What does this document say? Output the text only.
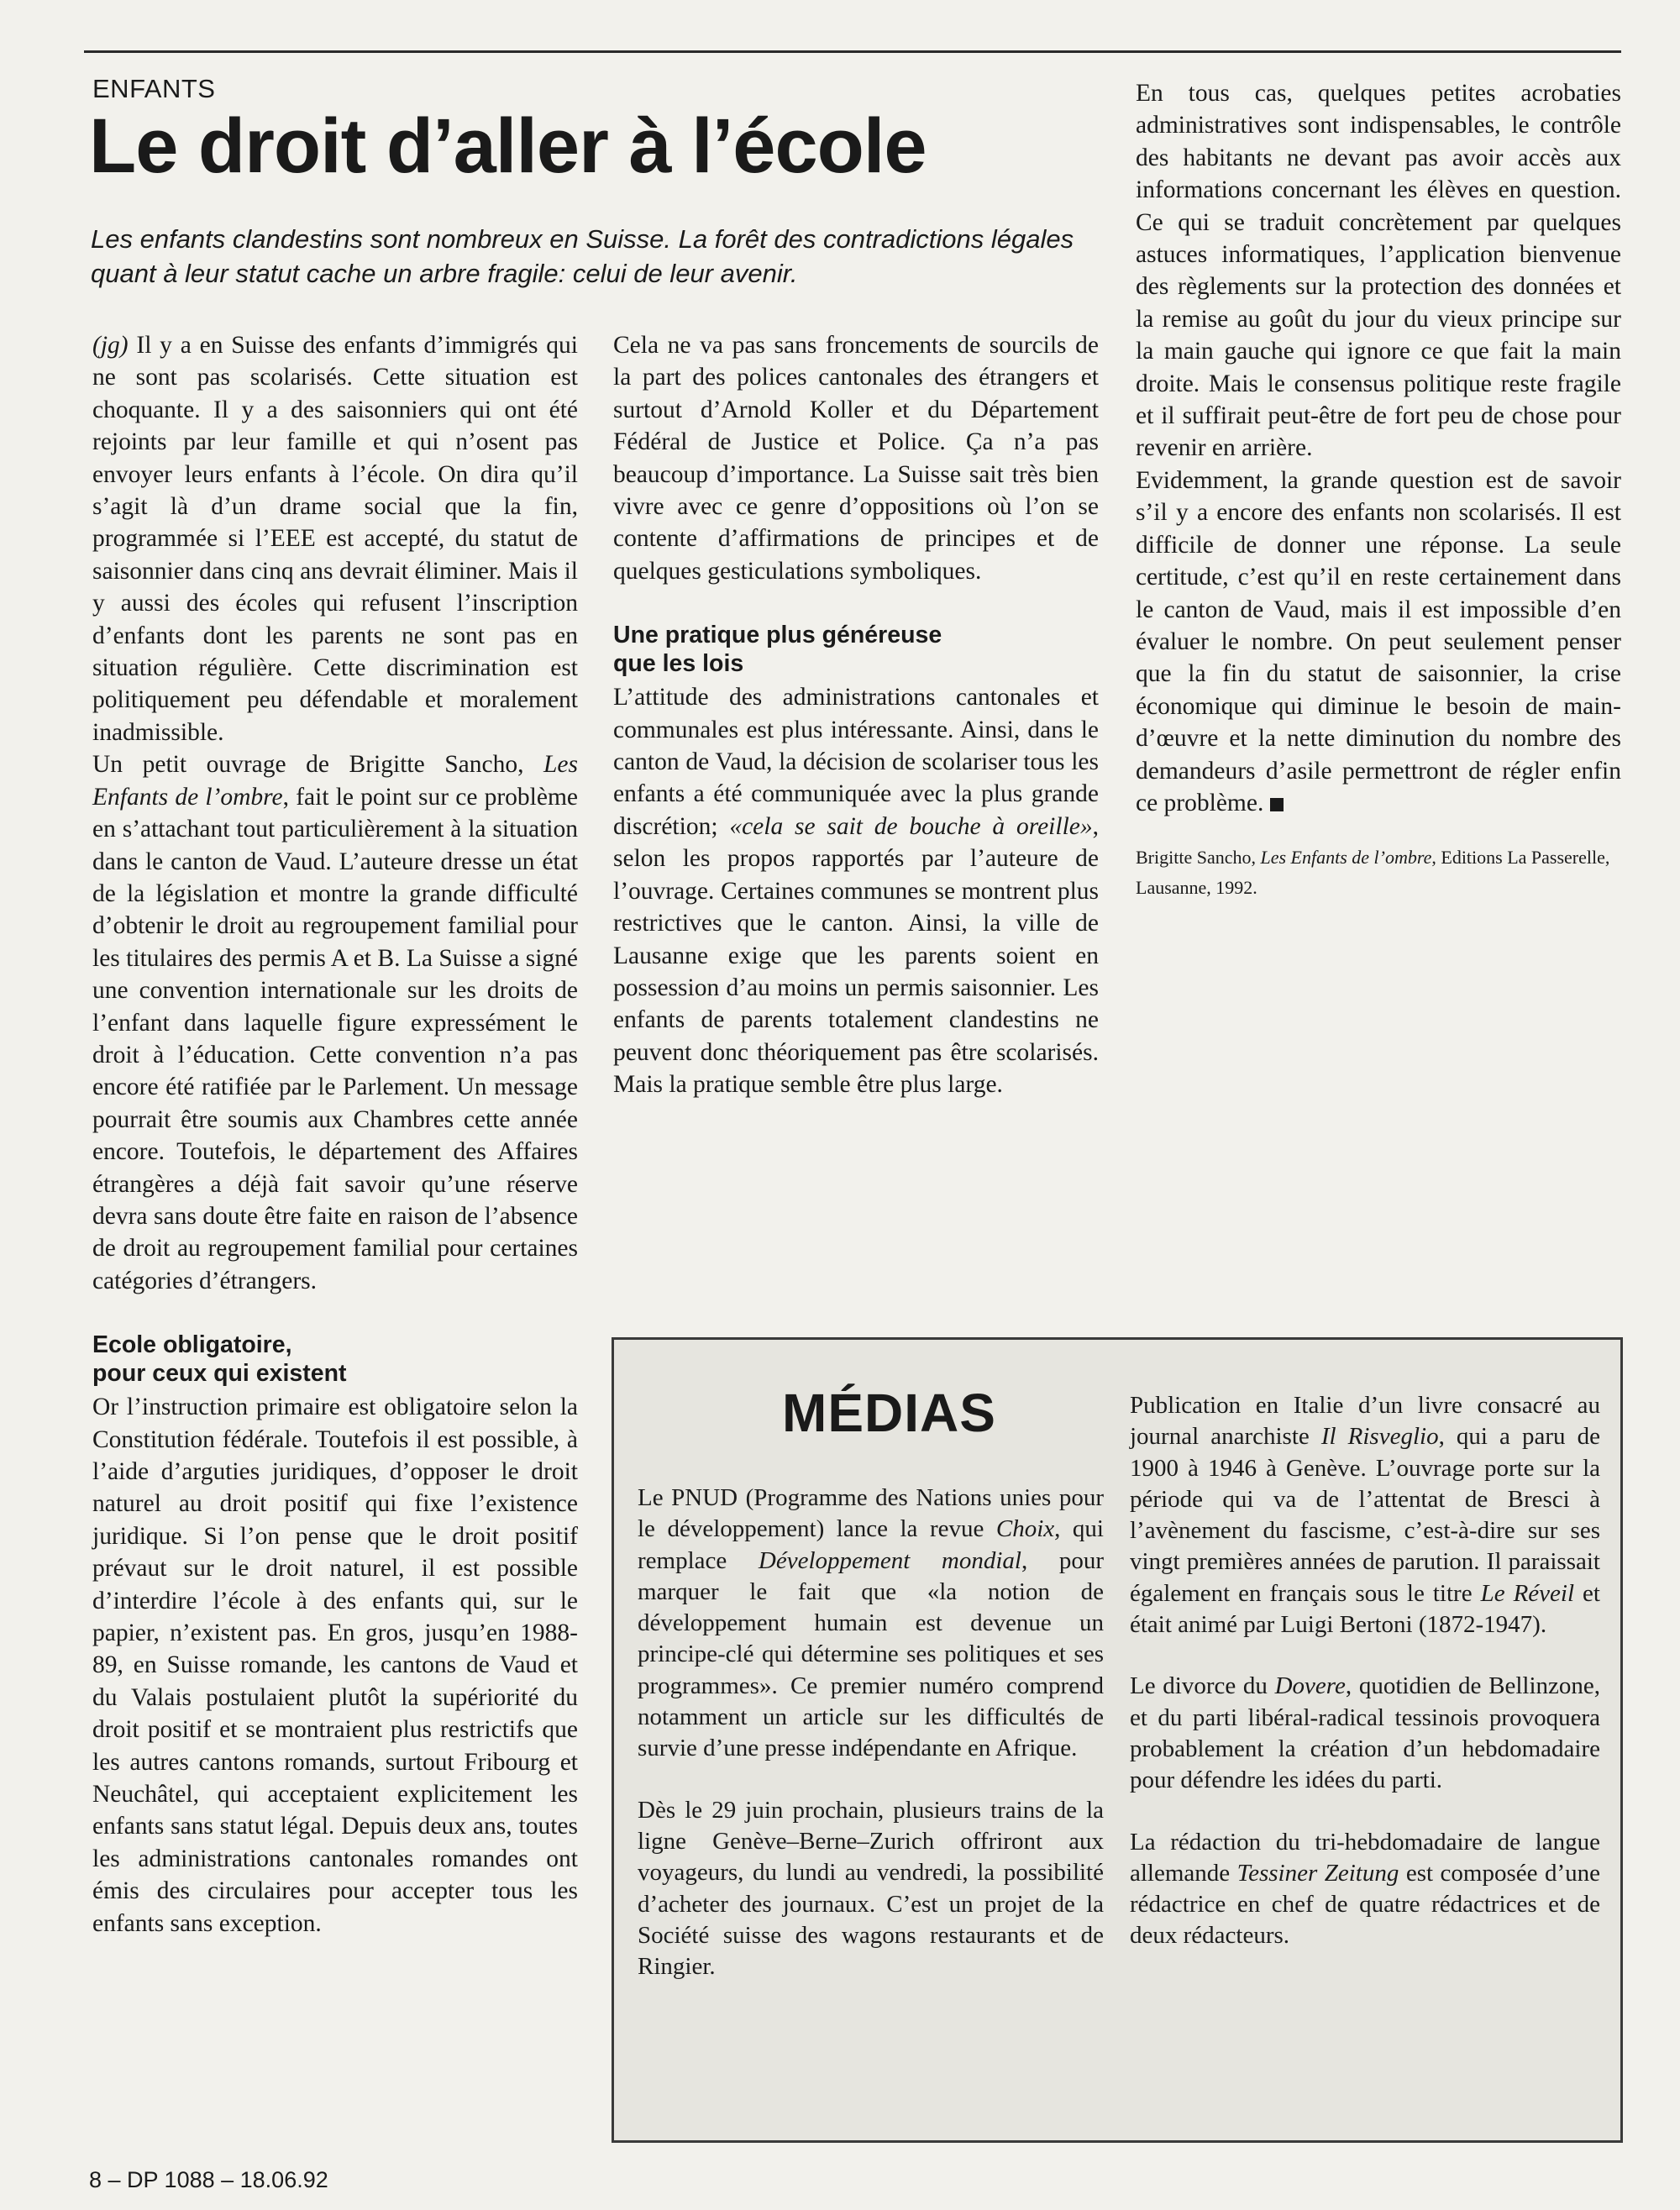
ENFANTS
Le droit d’aller à l’école

Les enfants clandestins sont nombreux en Suisse. La forêt des contradictions légales quant à leur statut cache un arbre fragile: celui de leur avenir.

(jg) Il y a en Suisse des enfants d’immigrés qui ne sont pas scolarisés. Cette situation est choquante. Il y a des saisonniers qui ont été rejoints par leur famille et qui n’osent pas envoyer leurs enfants à l’école. On dira qu’il s’agit là d’un drame social que la fin, programmée si l’EEE est accepté, du statut de saisonnier dans cinq ans devrait éliminer. Mais il y aussi des écoles qui refusent l’inscription d’enfants dont les parents ne sont pas en situation régulière. Cette discrimination est politiquement peu défendable et moralement inadmissible.

Un petit ouvrage de Brigitte Sancho, Les Enfants de l’ombre, fait le point sur ce problème en s’attachant tout particulièrement à la situation dans le canton de Vaud. L’auteure dresse un état de la législation et montre la grande difficulté d’obtenir le droit au regroupement familial pour les titulaires des permis A et B. La Suisse a signé une convention internationale sur les droits de l’enfant dans laquelle figure expressément le droit à l’éducation. Cette convention n’a pas encore été ratifiée par le Parlement. Un message pourrait être soumis aux Chambres cette année encore. Toutefois, le département des Affaires étrangères a déjà fait savoir qu’une réserve devra sans doute être faite en raison de l’absence de droit au regroupement familial pour certaines catégories d’étrangers.

Ecole obligatoire,
pour ceux qui existent

Or l’instruction primaire est obligatoire selon la Constitution fédérale. Toutefois il est possible, à l’aide d’arguties juridiques, d’opposer le droit naturel au droit positif qui fixe l’existence juridique. Si l’on pense que le droit positif prévaut sur le droit naturel, il est possible d’interdire l’école à des enfants qui, sur le papier, n’existent pas. En gros, jusqu’en 1988-89, en Suisse romande, les cantons de Vaud et du Valais postulaient plutôt la supériorité du droit positif et se montraient plus restrictifs que les autres cantons romands, surtout Fribourg et Neuchâtel, qui acceptaient explicitement les enfants sans statut légal. Depuis deux ans, toutes les administrations cantonales romandes ont émis des circulaires pour accepter tous les enfants sans exception.

Cela ne va pas sans froncements de sourcils de la part des polices cantonales des étrangers et surtout d’Arnold Koller et du Département Fédéral de Justice et Police. Ça n’a pas beaucoup d’importance. La Suisse sait très bien vivre avec ce genre d’oppositions où l’on se contente d’affirmations de principes et de quelques gesticulations symboliques.

Une pratique plus généreuse
que les lois

L’attitude des administrations cantonales et communales est plus intéressante. Ainsi, dans le canton de Vaud, la décision de scolariser tous les enfants a été communiquée avec la plus grande discrétion; «cela se sait de bouche à oreille», selon les propos rapportés par l’auteure de l’ouvrage. Certaines communes se montrent plus restrictives que le canton. Ainsi, la ville de Lausanne exige que les parents soient en possession d’au moins un permis saisonnier. Les enfants de parents totalement clandestins ne peuvent donc théoriquement pas être scolarisés. Mais la pratique semble être plus large.

En tous cas, quelques petites acrobaties administratives sont indispensables, le contrôle des habitants ne devant pas avoir accès aux informations concernant les élèves en question. Ce qui se traduit concrètement par quelques astuces informatiques, l’application bienvenue des règlements sur la protection des données et la remise au goût du jour du vieux principe sur la main gauche qui ignore ce que fait la main droite. Mais le consensus politique reste fragile et il suffirait peut-être de fort peu de chose pour revenir en arrière.

Evidemment, la grande question est de savoir s’il y a encore des enfants non scolarisés. Il est difficile de donner une réponse. La seule certitude, c’est qu’il en reste certainement dans le canton de Vaud, mais il est impossible d’en évaluer le nombre. On peut seulement penser que la fin du statut de saisonnier, la crise économique qui diminue le besoin de main-d’œuvre et la nette diminution du nombre des demandeurs d’asile permettront de régler enfin ce problème.

Brigitte Sancho, Les Enfants de l’ombre, Editions La Passerelle, Lausanne, 1992.

MÉDIAS

Le PNUD (Programme des Nations unies pour le développement) lance la revue Choix, qui remplace Développement mondial, pour marquer le fait que «la notion de développement humain est devenue un principe-clé qui détermine ses politiques et ses programmes». Ce premier numéro comprend notamment un article sur les difficultés de survie d’une presse indépendante en Afrique.

Dès le 29 juin prochain, plusieurs trains de la ligne Genève–Berne–Zurich offriront aux voyageurs, du lundi au vendredi, la possibilité d’acheter des journaux. C’est un projet de la Société suisse des wagons restaurants et de Ringier.

Publication en Italie d’un livre consacré au journal anarchiste Il Risveglio, qui a paru de 1900 à 1946 à Genève. L’ouvrage porte sur la période qui va de l’attentat de Bresci à l’avènement du fascisme, c’est-à-dire sur ses vingt premières années de parution. Il paraissait également en français sous le titre Le Réveil et était animé par Luigi Bertoni (1872-1947).

Le divorce du Dovere, quotidien de Bellinzone, et du parti libéral-radical tessinois provoquera probablement la création d’un hebdomadaire pour défendre les idées du parti.

La rédaction du tri-hebdomadaire de langue allemande Tessiner Zeitung est composée d’une rédactrice en chef de quatre rédactrices et de deux rédacteurs.

8 – DP 1088 – 18.06.92
